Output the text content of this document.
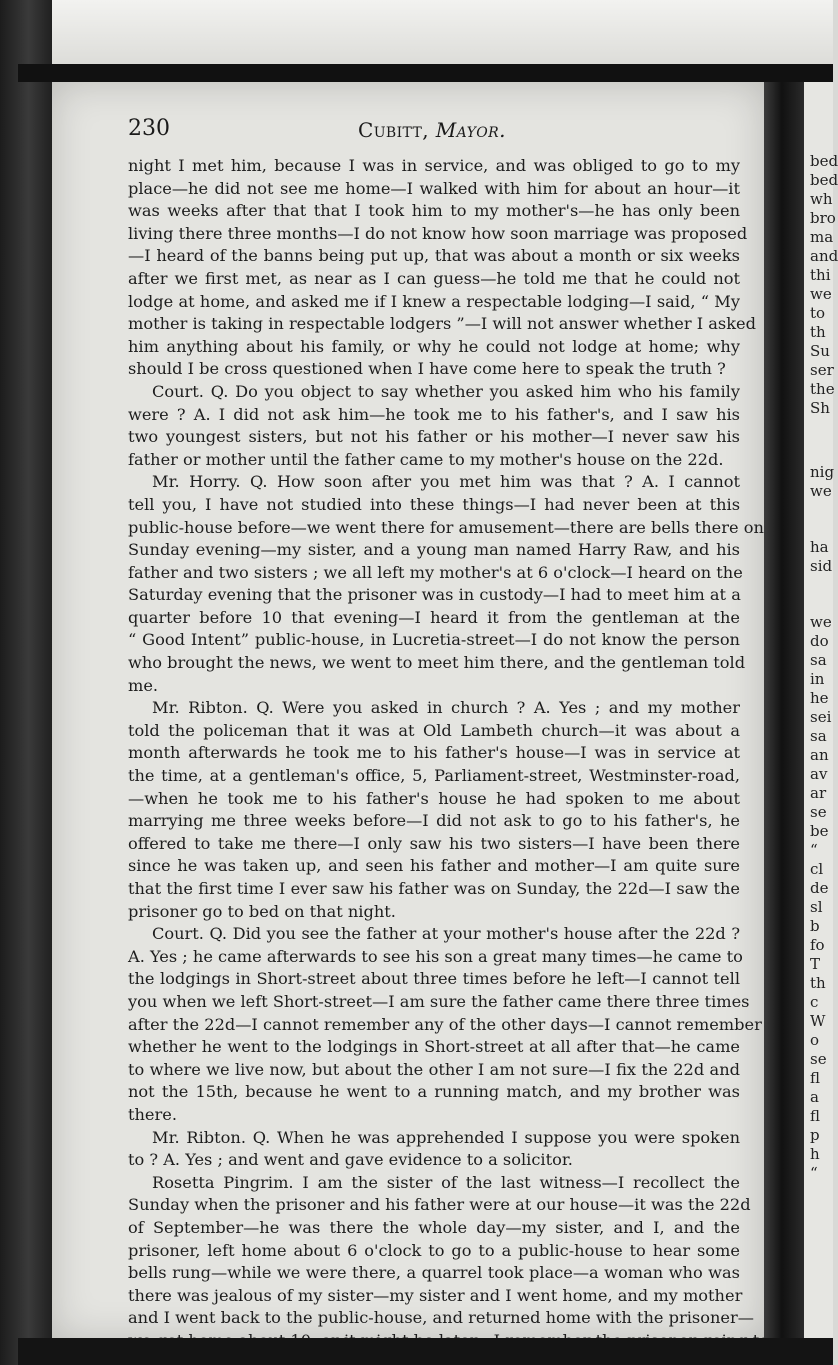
230	Cubitt, Mayor.
night I met him, because I was in service, and was obliged to go to my
place—he did not see me home—I walked with him for about an hour—it
was weeks after that that I took him to my mother's—he has only been
living there three months—I do not know how soon marriage was proposed
—I heard of the banns being put up, that was about a month or six weeks
after we first met, as near as I can guess—he told me that he could not
lodge at home, and asked me if I knew a respectable lodging—I said, “ My
mother is taking in respectable lodgers ”—I will not answer whether I asked
him anything about his family, or why he could not lodge at home; why
should I be cross questioned when I have come here to speak the truth ?
Court. Q. Do you object to say whether you asked him who his family
were ? A. I did not ask him—he took me to his father's, and I saw his
two youngest sisters, but not his father or his mother—I never saw his
father or mother until the father came to my mother's house on the 22d.
Mr. Horry. Q. How soon after you met him was that ? A. I cannot
tell you, I have not studied into these things—I had never been at this
public-house before—we went there for amusement—there are bells there on
Sunday evening—my sister, and a young man named Harry Raw, and his
father and two sisters ; we all left my mother's at 6 o'clock—I heard on the
Saturday evening that the prisoner was in custody—I had to meet him at a
quarter before 10 that evening—I heard it from the gentleman at the
“ Good Intent” public-house, in Lucretia-street—I do not know the person
who brought the news, we went to meet him there, and the gentleman told
me.
Mr. Ribton. Q. Were you asked in church ? A. Yes ; and my mother
told the policeman that it was at Old Lambeth church—it was about a
month afterwards he took me to his father's house—I was in service at
the time, at a gentleman's office, 5, Parliament-street, Westminster-road,
—when he took me to his father's house he had spoken to me about
marrying me three weeks before—I did not ask to go to his father's, he
offered to take me there—I only saw his two sisters—I have been there
since he was taken up, and seen his father and mother—I am quite sure
that the first time I ever saw his father was on Sunday, the 22d—I saw the
prisoner go to bed on that night.
Court. Q. Did you see the father at your mother's house after the 22d ?
A. Yes ; he came afterwards to see his son a great many times—he came to
the lodgings in Short-street about three times before he left—I cannot tell
you when we left Short-street—I am sure the father came there three times
after the 22d—I cannot remember any of the other days—I cannot remember
whether he went to the lodgings in Short-street at all after that—he came
to where we live now, but about the other I am not sure—I fix the 22d and
not the 15th, because he went to a running match, and my brother was
there.
Mr. Ribton. Q. When he was apprehended I suppose you were spoken
to ? A. Yes ; and went and gave evidence to a solicitor.
Rosetta Pingrim. I am the sister of the last witness—I recollect the
Sunday when the prisoner and his father were at our house—it was the 22d
of September—he was there the whole day—my sister, and I, and the
prisoner, left home about 6 o'clock to go to a public-house to hear some
bells rung—while we were there, a quarrel took place—a woman who was
there was jealous of my sister—my sister and I went home, and my mother
and I went back to the public-house, and returned home with the prisoner—
bed
bed
wh
bro
ma
and
thi
we
to
th
Su
ser
the
Sh
nig
we
ha
sid
we
do
sa
in
he
sei
sa
an
av
ar
se
be
“
cl
de
sl
b
fo
T
th
c
W
o
se
fl
a
fl
p
h
“
